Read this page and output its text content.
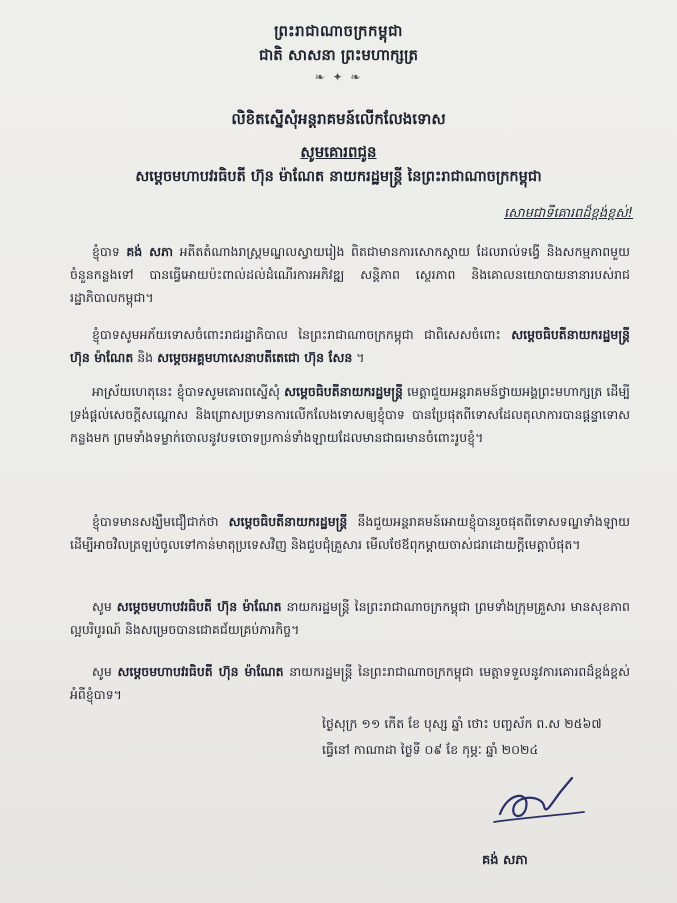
ព្រះរាជាណាចក្រកម្ពុជា
ជាតិ សាសនា ព្រះមហាក្សត្រ
❧ ✦ ❧
លិខិតស្នើសុំអន្តរាគមន៍លើកលែងទោស
សូមគោរពជូន
សម្តេចមហាបវរធិបតី ហ៊ុន ម៉ាណែត នាយករដ្ឋមន្ត្រី នៃព្រះរាជាណាចក្រកម្ពុជា
សោមជាទីគោរពដ៏ខ្ពង់ខ្ពស់!
ខ្ញុំបាទ គង់ សភា អតីតតំណាងរាស្ត្រមណ្ឌលស្វាយរៀង ពិតជាមានការសោកស្ដាយ ដែលរាល់ទង្វើ និងសកម្មភាពមួយចំនួនកន្លងទៅ បានធ្វើអោយប៉ះពាល់ដល់ដំណើរការអភិវឌ្ឍ សន្តិភាព ស្ថេរភាព និងគោលនយោបាយនានារបស់រាជរដ្ឋាភិបាលកម្ពុជា។
ខ្ញុំបាទសូមអភ័យទោសចំពោះរាជរដ្ឋាភិបាល នៃព្រះរាជាណាចក្រកម្ពុជា ជាពិសេសចំពោះ សម្តេចធិបតីនាយករដ្ឋមន្ត្រី ហ៊ុន ម៉ាណែត និង សម្តេចអគ្គមហាសេនាបតីតេជោ ហ៊ុន សែន ។
អាស្រ័យហេតុនេះ ខ្ញុំបាទសូមគោរពស្នើសុំ សម្តេចធិបតីនាយករដ្ឋមន្ត្រី មេត្តាជួយអន្តរាគមន៍ថ្វាយអង្គព្រះមហាក្សត្រ ដើម្បីទ្រង់ផ្ដល់សេចក្ដីសណ្ដោស និងព្រោសប្រទានការលើកលែងទោសឲ្យខ្ញុំបាទ បានប្រែផុតពីទោសដែលតុលាការបានផ្ដន្ទាទោសកន្លងមក ព្រមទាំងទម្លាក់ចោលនូវបទចោទប្រកាន់ទាំងឡាយដែលមានជាធរមានចំពោះរូបខ្ញុំ។
ខ្ញុំបាទមានសង្ឃឹមជឿជាក់ថា សម្តេចធិបតីនាយករដ្ឋមន្ត្រី នឹងជួយអន្តរាគមន៍អោយខ្ញុំបានរួចផុតពីទោសទណ្ឌទាំងឡាយ ដើម្បីអាចវិលត្រឡប់ចូលទៅកាន់មាតុប្រទេសវិញ និងជួបជុំគ្រួសារ មើលថែឪពុកម្តាយចាស់ជរាដោយក្ដីមេត្តាបំផុត។
សូម សម្តេចមហាបវរធិបតី ហ៊ុន ម៉ាណែត នាយករដ្ឋមន្ត្រី នៃព្រះរាជាណាចក្រកម្ពុជា ព្រមទាំងក្រុមគ្រួសារ មានសុខភាពល្អបរិបូរណ៍ និងសម្រេចបានជោគជ័យគ្រប់ភារកិច្ច។
សូម សម្តេចមហាបវរធិបតី ហ៊ុន ម៉ាណែត នាយករដ្ឋមន្ត្រី នៃព្រះរាជាណាចក្រកម្ពុជា មេត្តាទទួលនូវការគោរពដ៏ខ្ពង់ខ្ពស់អំពីខ្ញុំបាទ។
ថ្ងៃសុក្រ ១១ កើត ខែ បុស្ស ឆ្នាំ ថោះ បញ្ចស័ក ព.ស ២៥៦៧
ធ្វើនៅ កាណាដា ថ្ងៃទី ០៩ ខែ កុម្ភៈ ឆ្នាំ ២០២៤
គង់ សភា
